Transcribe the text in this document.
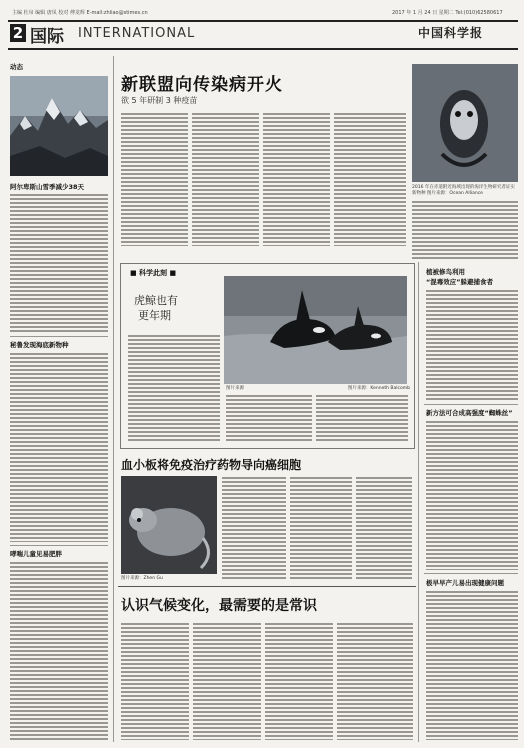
主编 杜帛 编辑 唐凤 校对 傅龙辉 E-mail:zhliao@stimes.cn	2017 年 1 月 24 日 星期二 Tel:(010)62580617
2 国际 INTERNATIONAL	中国科学报
动态
阿尔卑斯山雪季减少38天
秘鲁发现海底新物种
哮喘儿童见易肥胖
新联盟向传染病开火
欲 5 年研制 3 种疫苗
2016 年在赤道附近海域出现的海洋生物研究者证实新物种 图片来源：Ocean Alliance
■ 科学此刻 ■
虎鲸也有
更年期
图片来源	图片来源：Kenneth Balcomb
血小板将免疫治疗药物导向癌细胞
图片来源：Zhen Gu
认识气候变化，最需要的是常识
植被修鸟利用
“混毒效应”躲避捕食者
新方法可合成高强度“蜘蛛丝”
极早早产儿易出现健康问题
